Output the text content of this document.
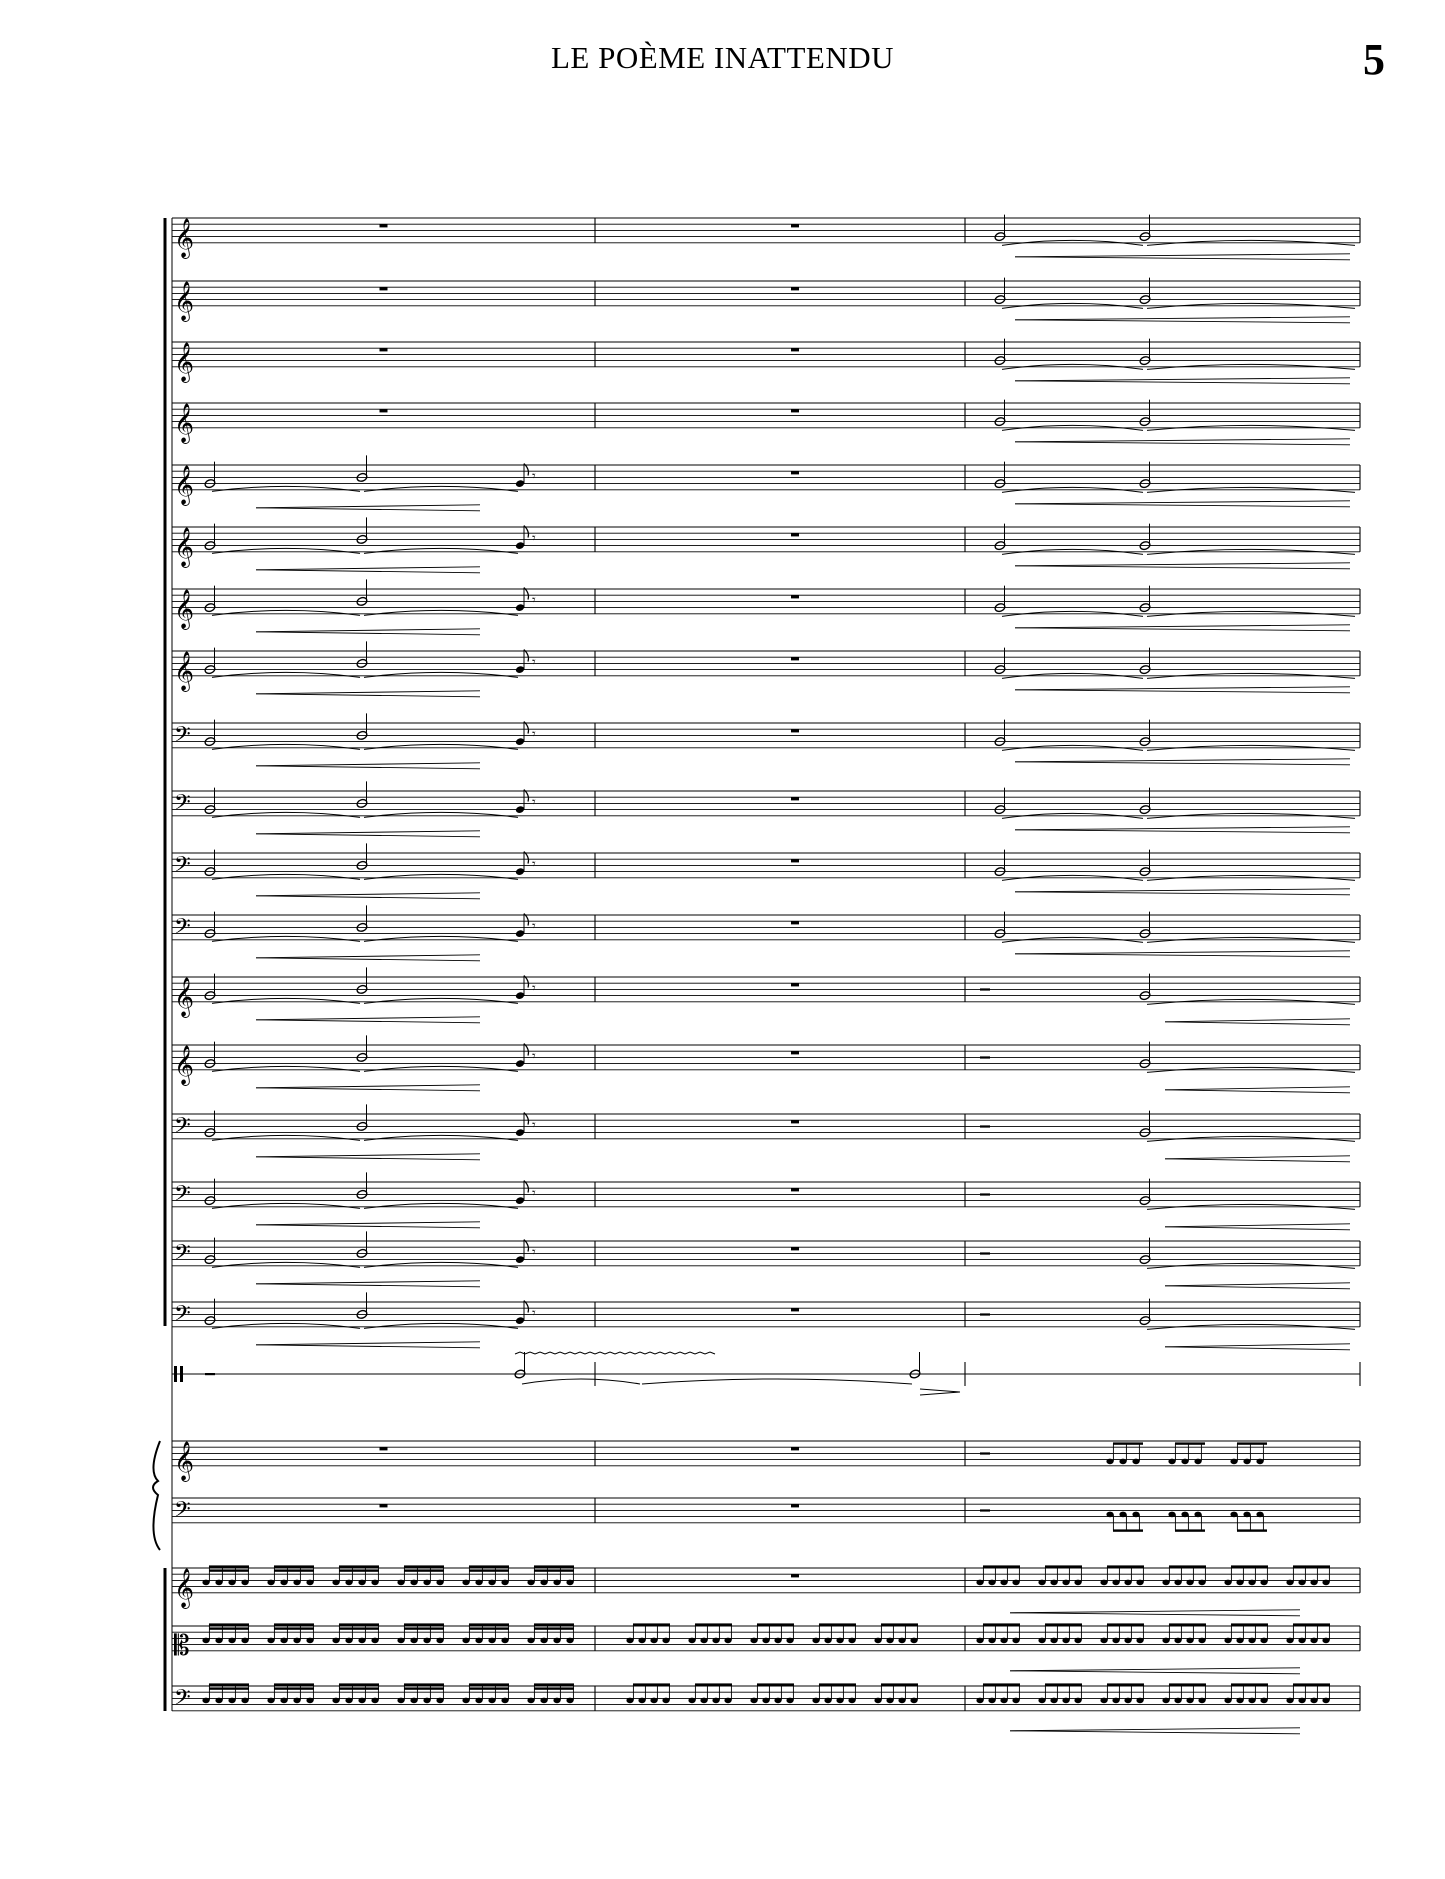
LE POÈME INATTENDU	5
𝄞
𝄞
𝄞
𝄞
𝄞	𝄾
𝄞	𝄾
𝄞	𝄾
𝄞	𝄾
𝄢	𝄾
𝄢	𝄾
𝄢	𝄾
𝄢	𝄾
𝄞	𝄾
𝄞	𝄾
𝄢	𝄾
𝄢	𝄾
𝄢	𝄾
𝄢	𝄾
𝄞
𝄢
𝄞
𝄡
𝄢
